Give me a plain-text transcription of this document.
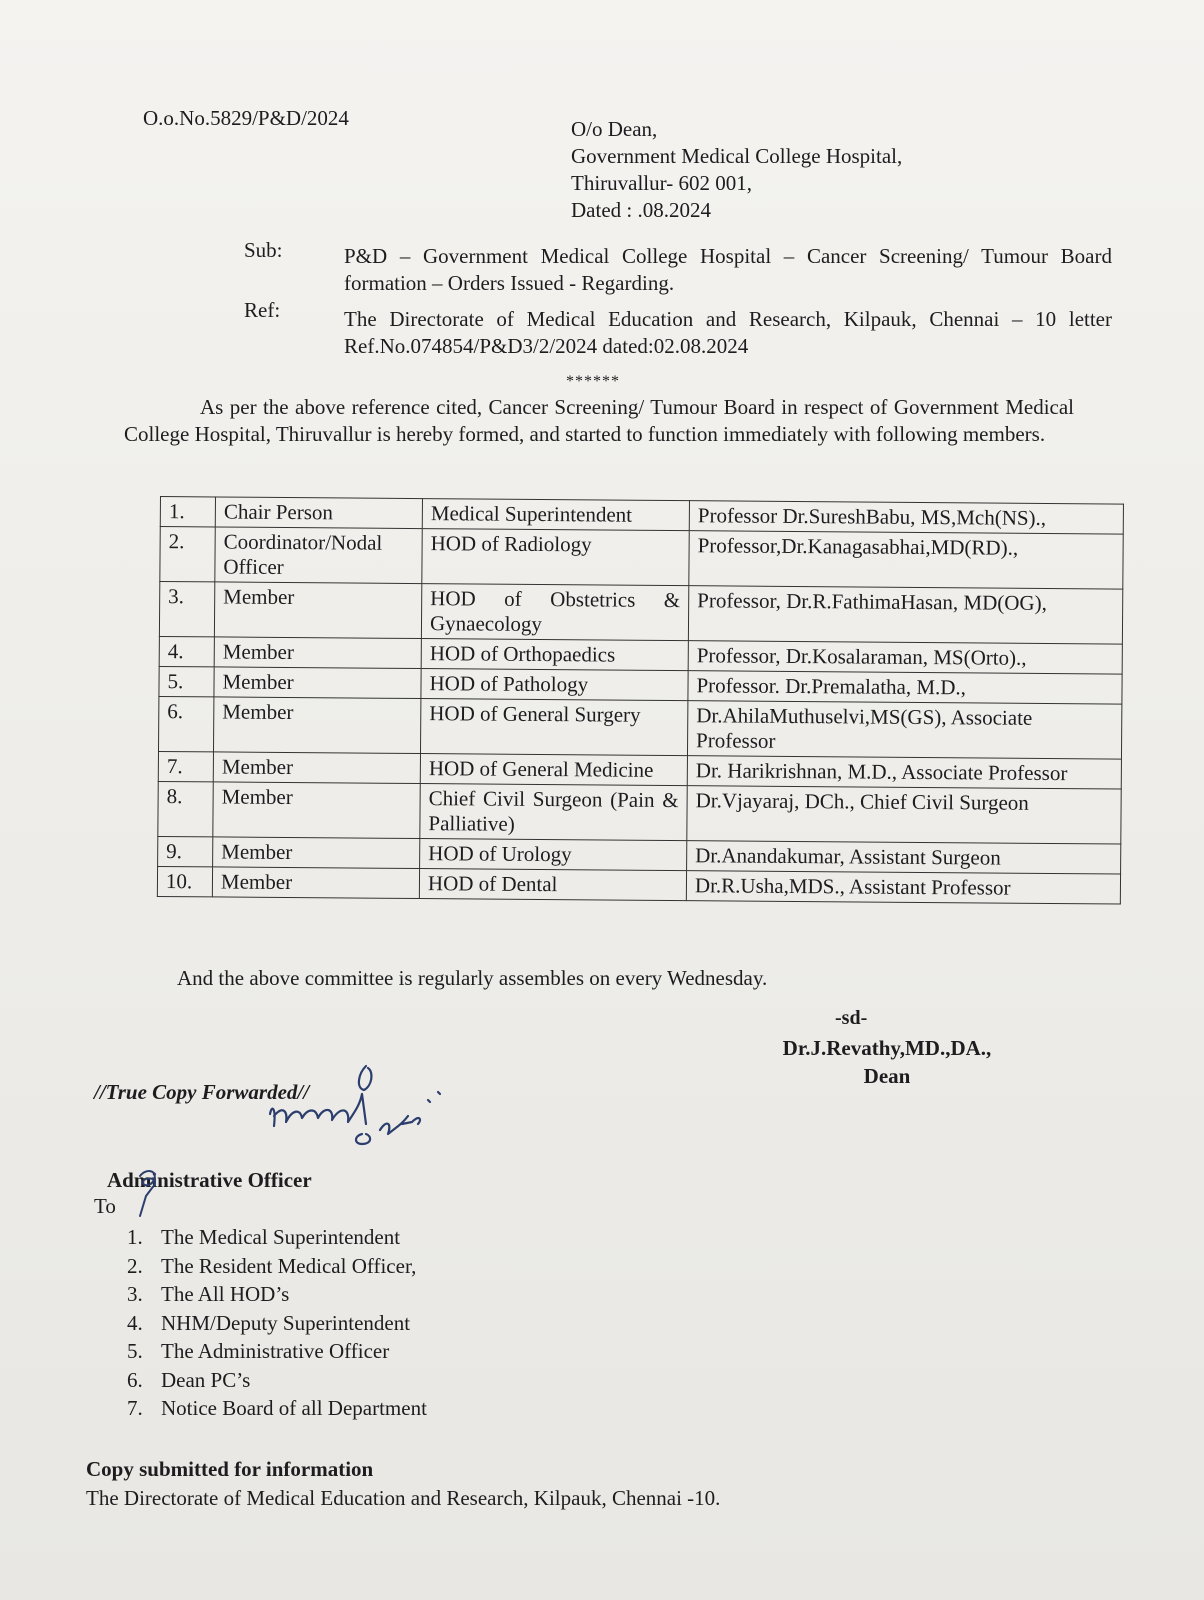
O.o.No.5829/P&D/2024	O/o Dean,
Government Medical College Hospital,
Thiruvallur- 602 001,
Dated : .08.2024
Sub:	P&D – Government Medical College Hospital – Cancer Screening/ Tumour Board formation – Orders Issued - Regarding.
Ref:	The Directorate of Medical Education and Research, Kilpauk, Chennai – 10 letter Ref.No.074854/P&D3/2/2024 dated:02.08.2024
******
As per the above reference cited, Cancer Screening/ Tumour Board in respect of Government Medical College Hospital, Thiruvallur is hereby formed, and started to function immediately with following members.
1.	Chair Person	Medical Superintendent	Professor Dr.SureshBabu, MS,Mch(NS).,
2.	Coordinator/Nodal Officer	HOD of Radiology	Professor,Dr.Kanagasabhai,MD(RD).,
3.	Member	HOD of Obstetrics & Gynaecology	Professor, Dr.R.FathimaHasan, MD(OG),
4.	Member	HOD of Orthopaedics	Professor, Dr.Kosalaraman, MS(Orto).,
5.	Member	HOD of Pathology	Professor. Dr.Premalatha, M.D.,
6.	Member	HOD of General Surgery	Dr.AhilaMuthuselvi,MS(GS), Associate Professor
7.	Member	HOD of General Medicine	Dr. Harikrishnan, M.D., Associate Professor
8.	Member	Chief Civil Surgeon (Pain & Palliative)	Dr.Vjayaraj, DCh., Chief Civil Surgeon
9.	Member	HOD of Urology	Dr.Anandakumar, Assistant Surgeon
10.	Member	HOD of Dental	Dr.R.Usha,MDS., Assistant Professor
And the above committee is regularly assembles on every Wednesday.
-sd-
Dr.J.Revathy,MD.,DA.,
Dean
//True Copy Forwarded//
Administrative Officer
To
1. The Medical Superintendent
2. The Resident Medical Officer,
3. The All HOD’s
4. NHM/Deputy Superintendent
5. The Administrative Officer
6. Dean PC’s
7. Notice Board of all Department
Copy submitted for information
The Directorate of Medical Education and Research, Kilpauk, Chennai -10.
